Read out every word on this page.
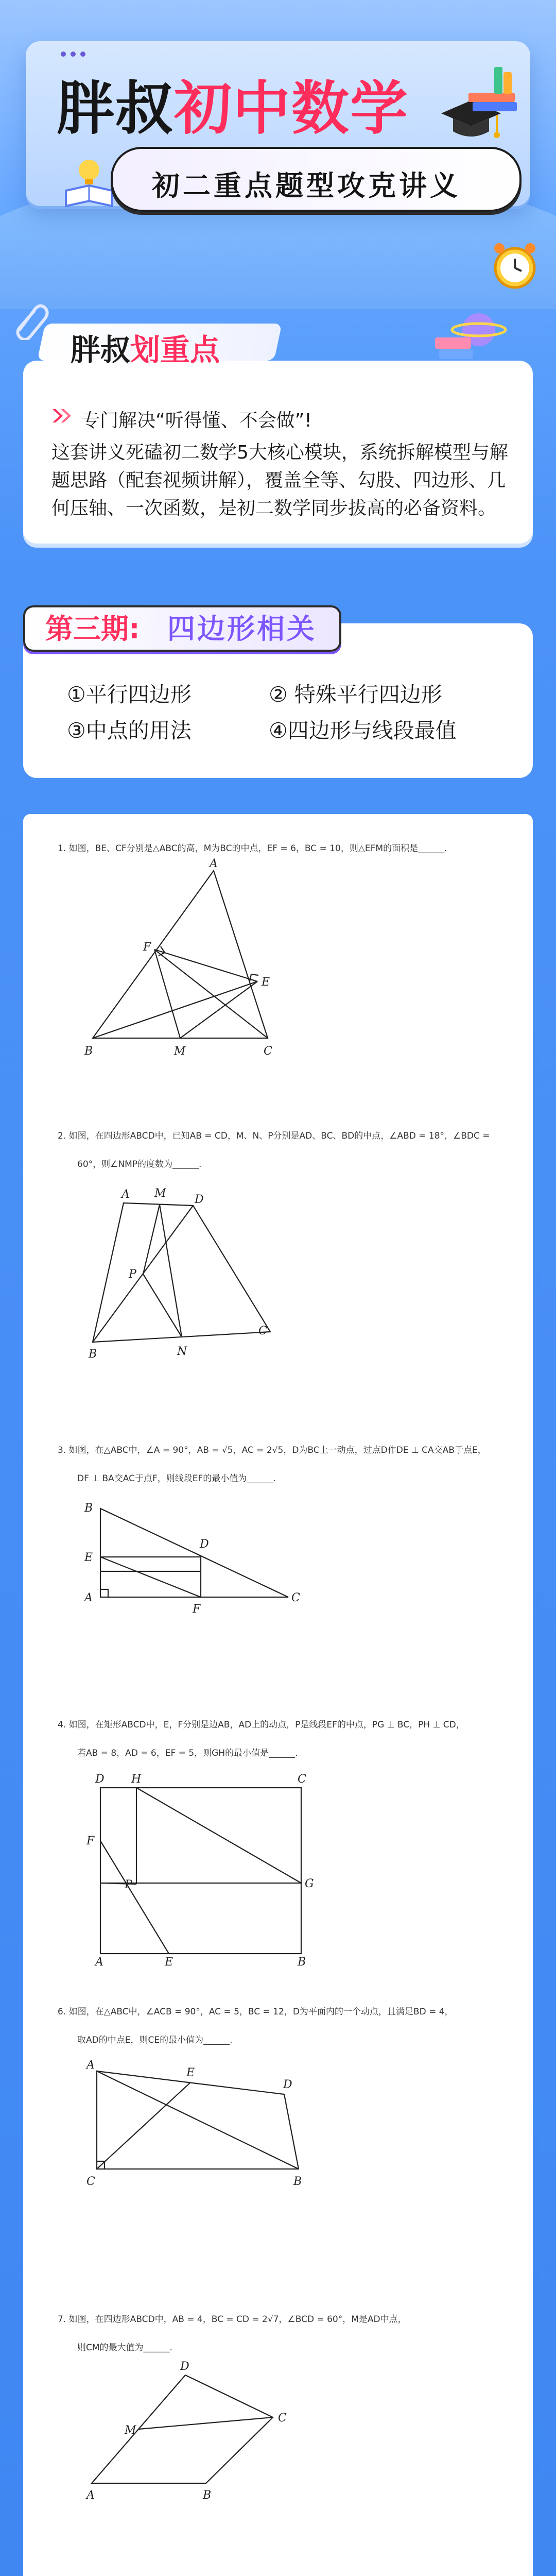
胖叔初中数学
初二重点题型攻克讲义
胖叔划重点
专门解决“听得懂、不会做”!
这套讲义死磕初二数学5大核心模块，系统拆解模型与解题思路（配套视频讲解），覆盖全等、勾股、四边形、几何压轴、一次函数，是初二数学同步拔高的必备资料。
第三期: 四边形相关
①平行四边形	② 特殊平行四边形
③中点的用法	④四边形与线段最值
1. 如图，BE、CF分别是△ABC的高，M为BC的中点，EF = 6，BC = 10，则△EFM的面积是______.
A
F
E
B	M	C
2. 如图，在四边形ABCD中，已知AB = CD，M、N、P分别是AD、BC、BD的中点，∠ABD = 18°，∠BDC =
60°，则∠NMP的度数为______.
A M	D
P
B	N
C
3. 如图，在△ABC中，∠A = 90°，AB = √5，AC = 2√5，D为BC上一动点，过点D作DE ⊥ CA交AB于点E，
DF ⊥ BA交AC于点F，则线段EF的最小值为______.
B
D
E
A
F
C
4. 如图，在矩形ABCD中，E，F分别是边AB，AD上的动点，P是线段EF的中点，PG ⊥ BC，PH ⊥ CD，
若AB = 8，AD = 6，EF = 5，则GH的最小值是______.
D H	C
F
P	G
A	E	B
6. 如图，在△ABC中，∠ACB = 90°，AC = 5，BC = 12，D为平面内的一个动点，且满足BD = 4，
取AD的中点E，则CE的最小值为______.
A
E
D
C	B
7. 如图，在四边形ABCD中，AB = 4，BC = CD = 2√7，∠BCD = 60°，M是AD中点，
则CM的最大值为______.
D
C
M
A	B
